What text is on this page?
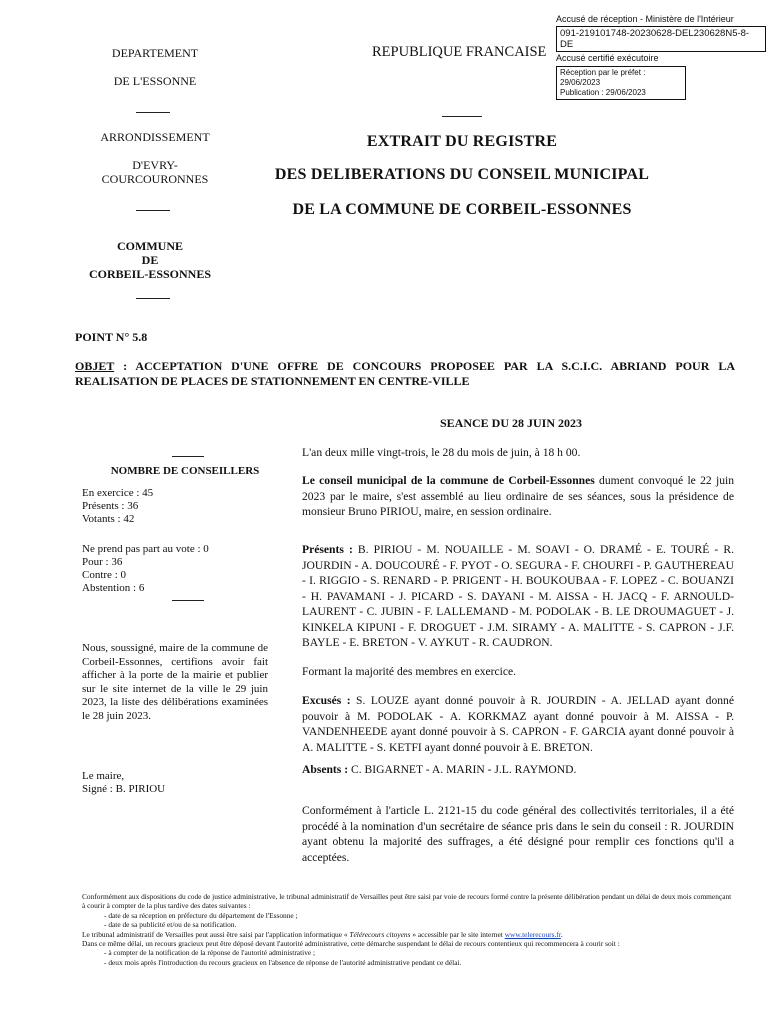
Accusé de réception - Ministère de l'Intérieur
091-219101748-20230628-DEL230628N5-8-DE
Accusé certifié exécutoire
Réception par le préfet : 29/06/2023
Publication : 29/06/2023
DEPARTEMENT
DE L'ESSONNE
ARRONDISSEMENT
D'EVRY-
COURCOURONNES
COMMUNE
DE
CORBEIL-ESSONNES
REPUBLIQUE FRANCAISE
EXTRAIT DU REGISTRE
DES DELIBERATIONS DU CONSEIL MUNICIPAL
DE LA COMMUNE DE CORBEIL-ESSONNES
POINT N° 5.8
OBJET : ACCEPTATION D'UNE OFFRE DE CONCOURS PROPOSEE PAR LA S.C.I.C. ABRIAND POUR LA REALISATION DE PLACES DE STATIONNEMENT EN CENTRE-VILLE
SEANCE DU 28 JUIN 2023
NOMBRE DE CONSEILLERS
En exercice : 45
Présents : 36
Votants : 42
Ne prend pas part au vote : 0
Pour : 36
Contre : 0
Abstention : 6
Nous, soussigné, maire de la commune de Corbeil-Essonnes, certifions avoir fait afficher à la porte de la mairie et publier sur le site internet de la ville le 29 juin 2023, la liste des délibérations examinées le 28 juin 2023.
Le maire,
Signé : B. PIRIOU
L'an deux mille vingt-trois, le 28 du mois de juin, à 18 h 00.
Le conseil municipal de la commune de Corbeil-Essonnes dument convoqué le 22 juin 2023 par le maire, s'est assemblé au lieu ordinaire de ses séances, sous la présidence de monsieur Bruno PIRIOU, maire, en session ordinaire.
Présents : B. PIRIOU - M. NOUAILLE - M. SOAVI - O. DRAMÉ - E. TOURÉ - R. JOURDIN - A. DOUCOURÉ - F. PYOT - O. SEGURA - F. CHOURFI - P. GAUTHEREAU - I. RIGGIO - S. RENARD - P. PRIGENT - H. BOUKOUBAA - F. LOPEZ - C. BOUANZI - H. PAVAMANI - J. PICARD - S. DAYANI - M. AISSA - H. JACQ - F. ARNOULD-LAURENT - C. JUBIN - F. LALLEMAND - M. PODOLAK - B. LE DROUMAGUET - J. KINKELA KIPUNI - F. DROGUET - J.M. SIRAMY - A. MALITTE - S. CAPRON - J.F. BAYLE - E. BRETON - V. AYKUT - R. CAUDRON.
Formant la majorité des membres en exercice.
Excusés : S. LOUZE ayant donné pouvoir à R. JOURDIN - A. JELLAD ayant donné pouvoir à M. PODOLAK - A. KORKMAZ ayant donné pouvoir à M. AISSA - P. VANDENHEEDE ayant donné pouvoir à S. CAPRON - F. GARCIA ayant donné pouvoir à A. MALITTE - S. KETFI ayant donné pouvoir à E. BRETON.
Absents : C. BIGARNET - A. MARIN - J.L. RAYMOND.
Conformément à l'article L. 2121-15 du code général des collectivités territoriales, il a été procédé à la nomination d'un secrétaire de séance pris dans le sein du conseil : R. JOURDIN ayant obtenu la majorité des suffrages, a été désigné pour remplir ces fonctions qu'il a acceptées.
Conformément aux dispositions du code de justice administrative, le tribunal administratif de Versailles peut être saisi par voie de recours formé contre la présente délibération pendant un délai de deux mois commençant à courir à compter de la plus tardive des dates suivantes :
- date de sa réception en préfecture du département de l'Essonne ;
- date de sa publicité et/ou de sa notification.
Le tribunal administratif de Versailles peut aussi être saisi par l'application informatique « Télérecours citoyens » accessible par le site internet www.telerecours.fr.
Dans ce même délai, un recours gracieux peut être déposé devant l'autorité administrative, cette démarche suspendant le délai de recours contentieux qui recommencera à courir soit :
- à compter de la notification de la réponse de l'autorité administrative ;
- deux mois après l'introduction du recours gracieux en l'absence de réponse de l'autorité administrative pendant ce délai.
